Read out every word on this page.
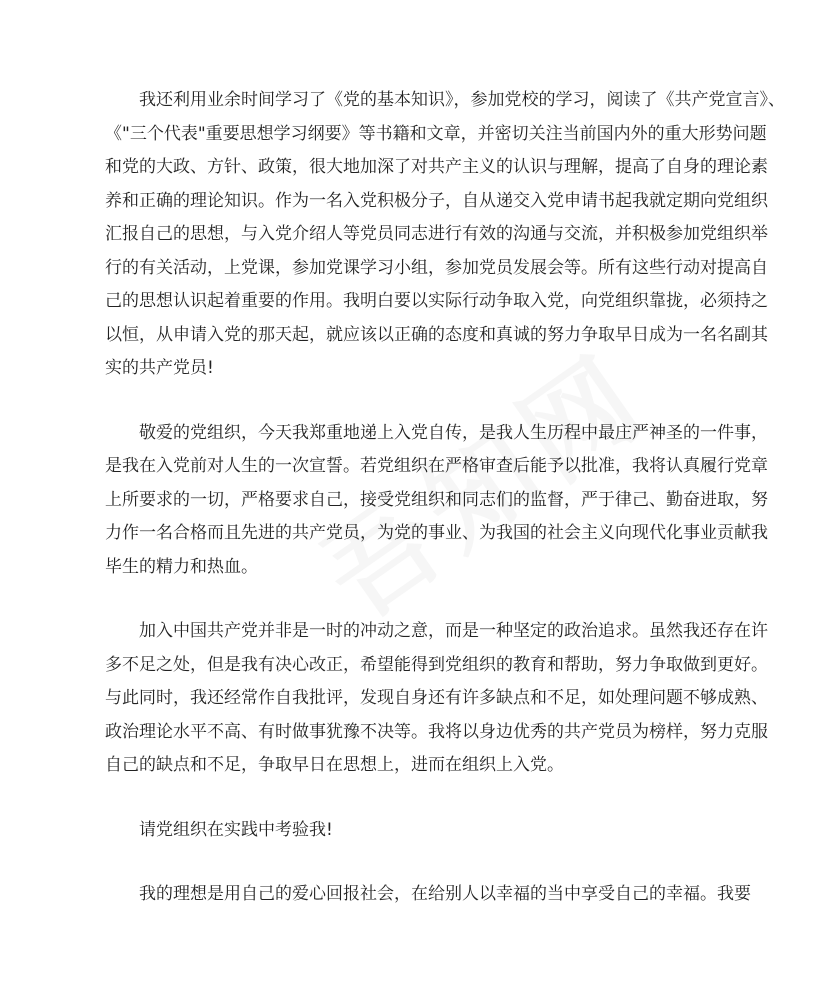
　　我还利用业余时间学习了《党的基本知识》，参加党校的学习，阅读了《共产党宣言》、
《"三个代表"重要思想学习纲要》等书籍和文章，并密切关注当前国内外的重大形势问题
和党的大政、方针、政策，很大地加深了对共产主义的认识与理解，提高了自身的理论素
养和正确的理论知识。作为一名入党积极分子，自从递交入党申请书起我就定期向党组织
汇报自己的思想，与入党介绍人等党员同志进行有效的沟通与交流，并积极参加党组织举
行的有关活动，上党课，参加党课学习小组，参加党员发展会等。所有这些行动对提高自
己的思想认识起着重要的作用。我明白要以实际行动争取入党，向党组织靠拢，必须持之
以恒，从申请入党的那天起，就应该以正确的态度和真诚的努力争取早日成为一名名副其
实的共产党员!
　　敬爱的党组织，今天我郑重地递上入党自传，是我人生历程中最庄严神圣的一件事，
是我在入党前对人生的一次宣誓。若党组织在严格审查后能予以批准，我将认真履行党章
上所要求的一切，严格要求自己，接受党组织和同志们的监督，严于律己、勤奋进取，努
力作一名合格而且先进的共产党员，为党的事业、为我国的社会主义向现代化事业贡献我
毕生的精力和热血。
　　加入中国共产党并非是一时的冲动之意，而是一种坚定的政治追求。虽然我还存在许
多不足之处，但是我有决心改正，希望能得到党组织的教育和帮助，努力争取做到更好。
与此同时，我还经常作自我批评，发现自身还有许多缺点和不足，如处理问题不够成熟、
政治理论水平不高、有时做事犹豫不决等。我将以身边优秀的共产党员为榜样，努力克服
自己的缺点和不足，争取早日在思想上，进而在组织上入党。
　　请党组织在实践中考验我!
　　我的理想是用自己的爱心回报社会，在给别人以幸福的当中享受自己的幸福。我要
